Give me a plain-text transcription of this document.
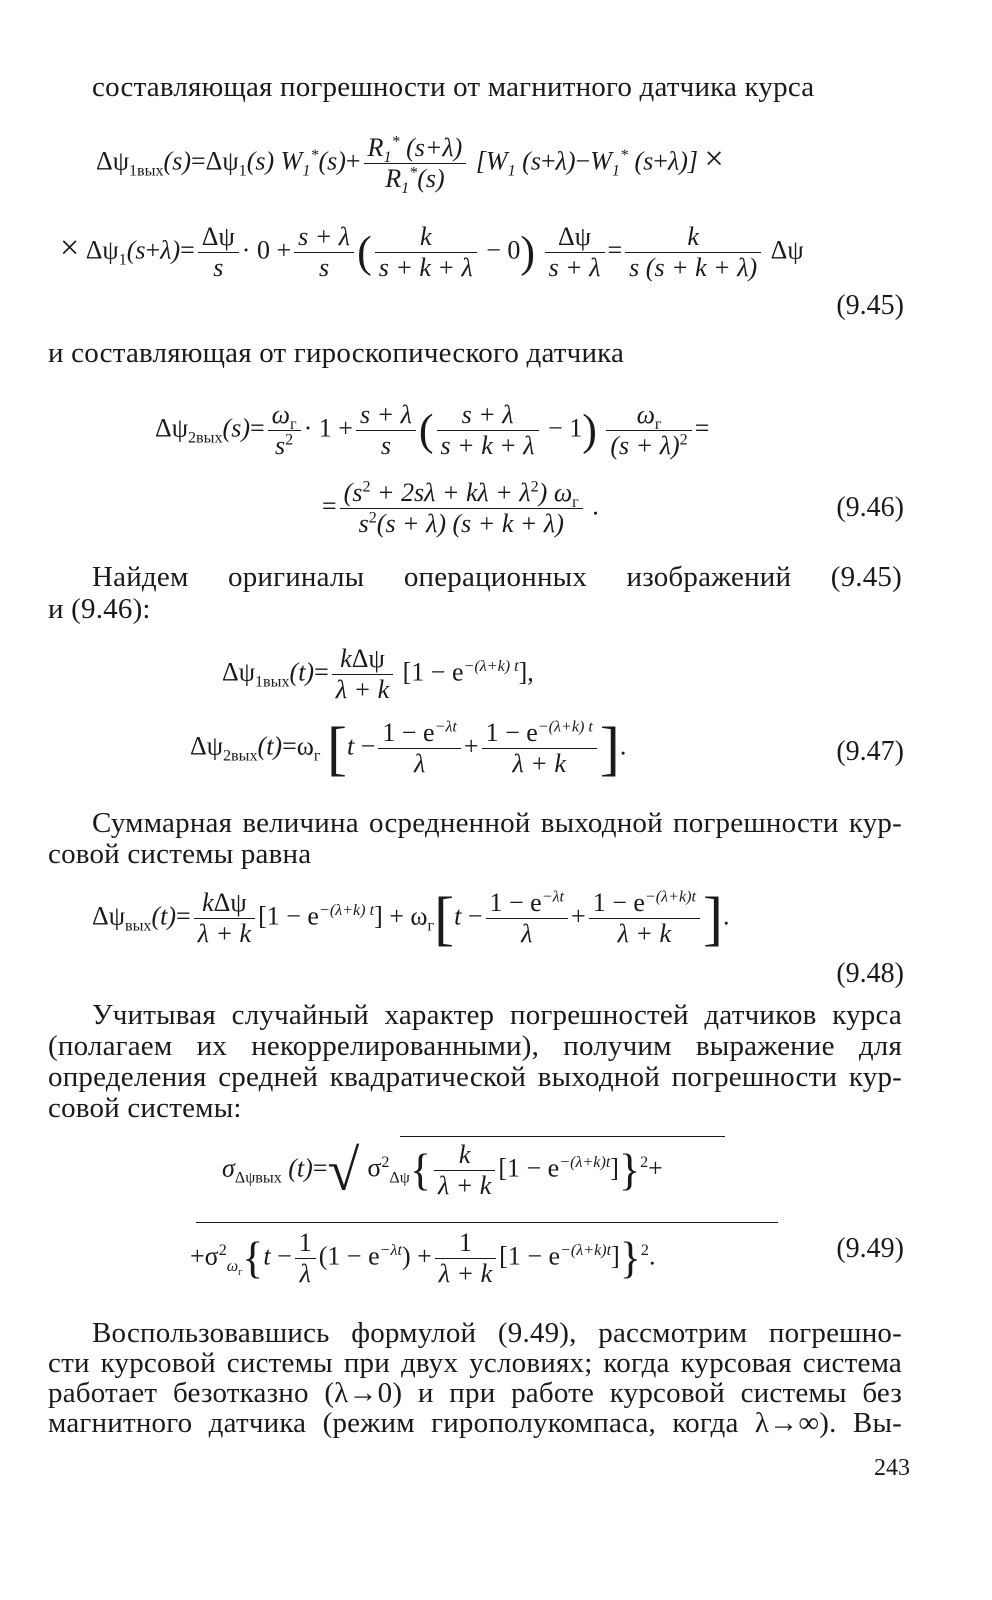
составляющая погрешности от магнитного датчика курса
$\Delta\psi_{1вых}(s)=\Delta\psi_1(s)$ $W_1^*(s)+ \frac{R_1^* (s+\lambda)}{R_1^*(s)} [W_1$ $(s+\lambda)-W_1^*$ (s+λ)] ×
× $\Delta\psi_1(s+\lambda)= \frac{\Delta\psi}{s} \cdot 0 + \frac{s + \lambda}{s}$ ( $\frac{k}{s + k + \lambda} - 0) \frac{\Delta\psi}{s + \lambda} = \frac{k}{s (s + k + \lambda)}$ Δψ
(9.45)
и составляющая от гироскопического датчика
$\Delta\psi_{2вых}(s)= \frac{\omega_г}{s^2} \cdot 1 + \frac{s + \lambda}{s}$ ( $\frac{s + \lambda}{s + k + \lambda} - 1) \frac{\omega_г}{(s + \lambda)^2}$ =
= $\frac{(s^2 + 2s\lambda + k\lambda + \lambda^2) \omega_г}{s^2(s + \lambda) (s + k + \lambda)}$ .	(9.46)
Найдем оригиналы операционных изображений (9.45)
и (9.46):
$\Delta\psi_{1вых}(t)= \frac{\text{kΔψ}}{\lambda + k} [1 - e^{-(\lambda+k) t}]$,
$\Delta\psi_{2вых}(t)=\omega_г$ [$t - \frac{1 - e^{-\lambda t}}{\lambda} + \frac{1 - e^{-(\lambda+k) t}}{\lambda + k}$ ].	(9.47)
Суммарная величина осредненной выходной погрешности кур-
совой системы равна
$\Delta\psi_{вых}(t)= \frac{\text{kΔψ}}{\lambda + k} [1 - e^{-(\lambda+k) t}] + \omega_г[t - \frac{1 - e^{-\lambda t}}{\lambda} + \frac{1 - e^{-(\lambda+k)t}}{\lambda + k}$ ].
(9.48)
Учитывая случайный характер погрешностей датчиков курса
(полагаем их некоррелированными), получим выражение для
определения средней квадратической выходной погрешности кур-
совой системы:
$\sigma_{\Delta\psi вых}$ (t)=√ $\sigma^2_{\Delta\psi}\{ \frac{k}{\lambda + k} [1 - e^{-(\lambda+k)t}]\}^2+$
$+\sigma^2_{\omega_г}\{t - \frac{1}{\lambda} (1 - e^{-\lambda t}) + \frac{1}{\lambda + k} [1 - e^{-(\lambda+k)t}]\}^2$.	(9.49)
Воспользовавшись формулой (9.49), рассмотрим погрешно-
сти курсовой системы при двух условиях; когда курсовая система
работает безотказно (λ→0) и при работе курсовой системы без
магнитного датчика (режим гирополукомпаса, когда λ→∞). Вы-
243
